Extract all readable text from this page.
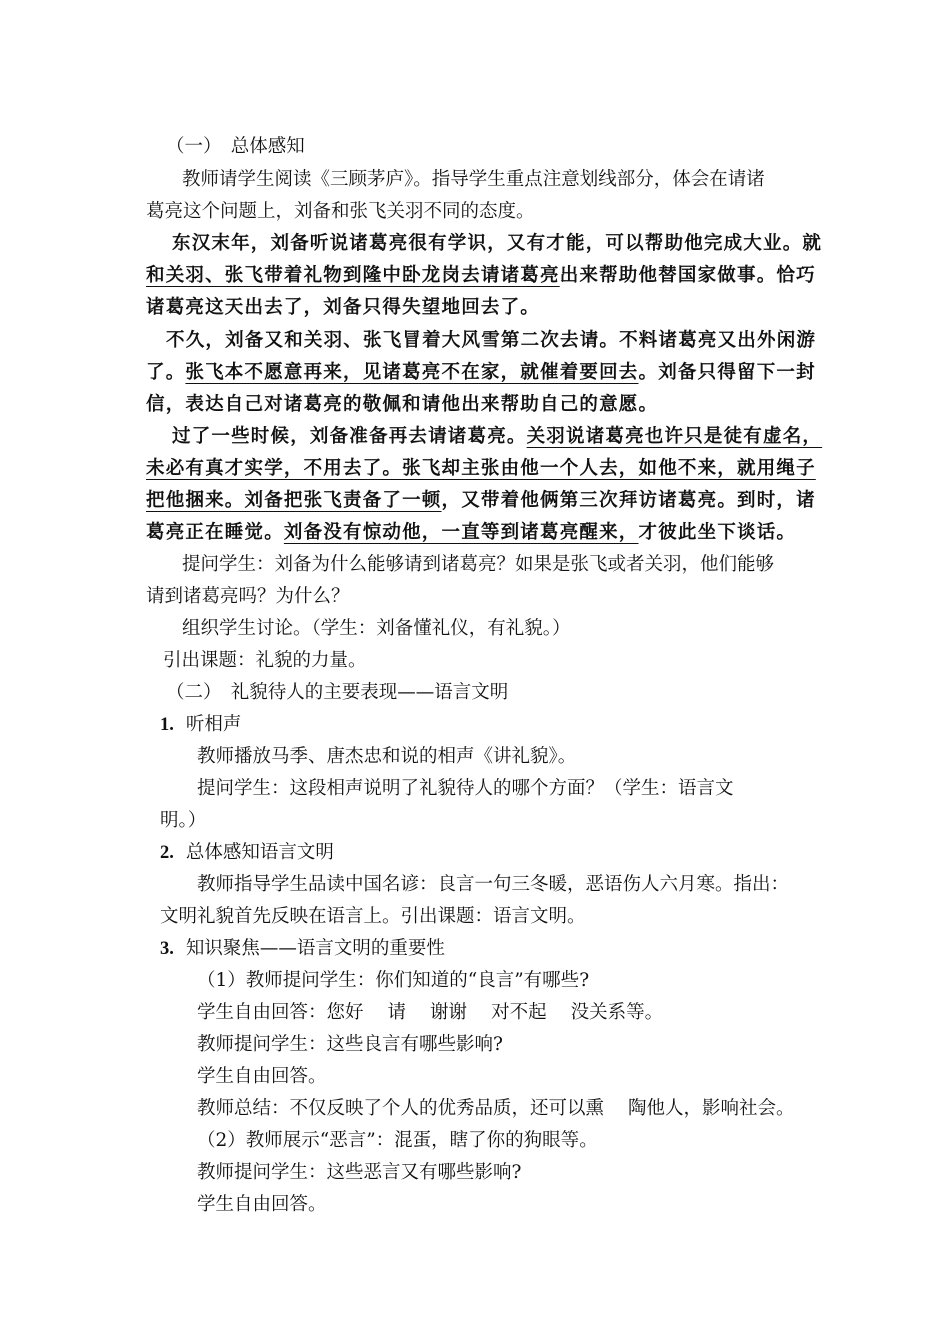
（一）　总体感知
教师请学生阅读《三顾茅庐》。指导学生重点注意划线部分，体会在请诸
葛亮这个问题上，刘备和张飞关羽不同的态度。
东汉末年，刘备听说诸葛亮很有学识，又有才能，可以帮助他完成大业。就
和关羽、张飞带着礼物到隆中卧龙岗去请诸葛亮出来帮助他替国家做事。恰巧
诸葛亮这天出去了，刘备只得失望地回去了。
不久，刘备又和关羽、张飞冒着大风雪第二次去请。不料诸葛亮又出外闲游
了。张飞本不愿意再来，见诸葛亮不在家，就催着要回去。刘备只得留下一封
信，表达自己对诸葛亮的敬佩和请他出来帮助自己的意愿。
过了一些时候，刘备准备再去请诸葛亮。关羽说诸葛亮也许只是徒有虚名，
未必有真才实学，不用去了。张飞却主张由他一个人去，如他不来，就用绳子
把他捆来。刘备把张飞责备了一顿，又带着他俩第三次拜访诸葛亮。到时，诸
葛亮正在睡觉。刘备没有惊动他，一直等到诸葛亮醒来，才彼此坐下谈话。
提问学生：刘备为什么能够请到诸葛亮？如果是张飞或者关羽，他们能够
请到诸葛亮吗？为什么？
组织学生讨论。（学生：刘备懂礼仪，有礼貌。）
引出课题：礼貌的力量。
（二）　礼貌待人的主要表现——语言文明
1. 听相声
教师播放马季、唐杰忠和说的相声《讲礼貌》。
提问学生：这段相声说明了礼貌待人的哪个方面？（学生：语言文
明。）
2. 总体感知语言文明
教师指导学生品读中国名谚：良言一句三冬暖，恶语伤人六月寒。指出：
文明礼貌首先反映在语言上。引出课题：语言文明。
3. 知识聚焦——语言文明的重要性
（1）教师提问学生：你们知道的“良言”有哪些?
学生自由回答：您好 请 谢谢 对不起 没关系等。
教师提问学生：这些良言有哪些影响?
学生自由回答。
教师总结：不仅反映了个人的优秀品质，还可以熏 陶他人，影响社会。
（2）教师展示“恶言”：混蛋，瞎了你的狗眼等。
教师提问学生：这些恶言又有哪些影响?
学生自由回答。
